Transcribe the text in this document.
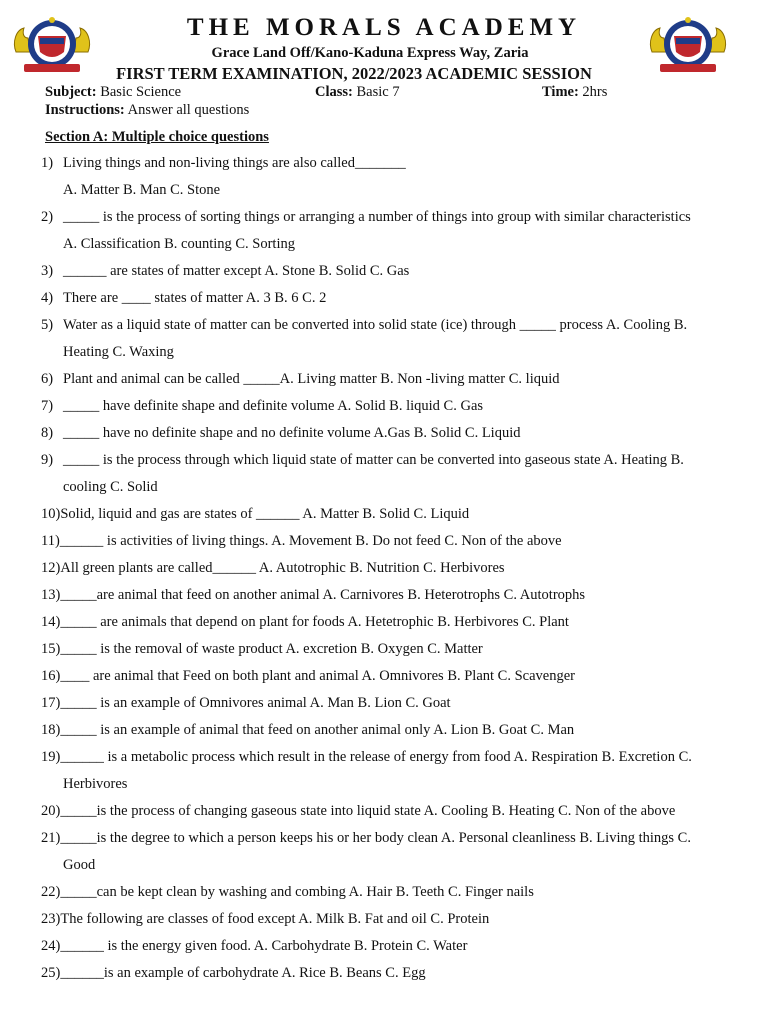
THE MORALS ACADEMY
Grace Land Off/Kano-Kaduna Express Way, Zaria
FIRST TERM EXAMINATION, 2022/2023 ACADEMIC SESSION
Subject: Basic Science	Class: Basic 7	Time: 2hrs
Instructions: Answer all questions
Section A: Multiple choice questions
1) Living things and non-living things are also called_______
A. Matter B. Man C. Stone
2) _____ is the process of sorting things or arranging a number of things into group with similar characteristics
A. Classification B. counting C. Sorting
3) ______ are states of matter except A. Stone B. Solid C. Gas
4) There are ____ states of matter A. 3 B. 6 C. 2
5) Water as a liquid state of matter can be converted into solid state (ice) through _____ process A. Cooling B.
Heating C. Waxing
6) Plant and animal can be called _____A. Living matter B. Non -living matter C. liquid
7) _____ have definite shape and definite volume A. Solid B. liquid C. Gas
8) _____ have no definite shape and no definite volume A.Gas B. Solid C. Liquid
9) _____ is the process through which liquid state of matter can be converted into gaseous state A. Heating B.
cooling C. Solid
10)Solid, liquid and gas are states of ______ A. Matter B. Solid C. Liquid
11)______ is activities of living things. A. Movement B. Do not feed C. Non of the above
12)All green plants are called______ A. Autotrophic B. Nutrition C. Herbivores
13)_____are animal that feed on another animal A. Carnivores B. Heterotrophs C. Autotrophs
14)_____ are animals that depend on plant for foods A. Hetetrophic B. Herbivores C. Plant
15)_____ is the removal of waste product A. excretion B. Oxygen C. Matter
16)____ are animal that Feed on both plant and animal A. Omnivores B. Plant C. Scavenger
17)_____ is an example of Omnivores animal A. Man B. Lion C. Goat
18)_____ is an example of animal that feed on another animal only A. Lion B. Goat C. Man
19)______ is a metabolic process which result in the release of energy from food A. Respiration B. Excretion C.
Herbivores
20)_____is the process of changing gaseous state into liquid state A. Cooling B. Heating C. Non of the above
21)_____is the degree to which a person keeps his or her body clean A. Personal cleanliness B. Living things C.
Good
22)_____can be kept clean by washing and combing A. Hair B. Teeth C. Finger nails
23)The following are classes of food except A. Milk B. Fat and oil C. Protein
24)______ is the energy given food. A. Carbohydrate B. Protein C. Water
25)______is an example of carbohydrate A. Rice B. Beans C. Egg
